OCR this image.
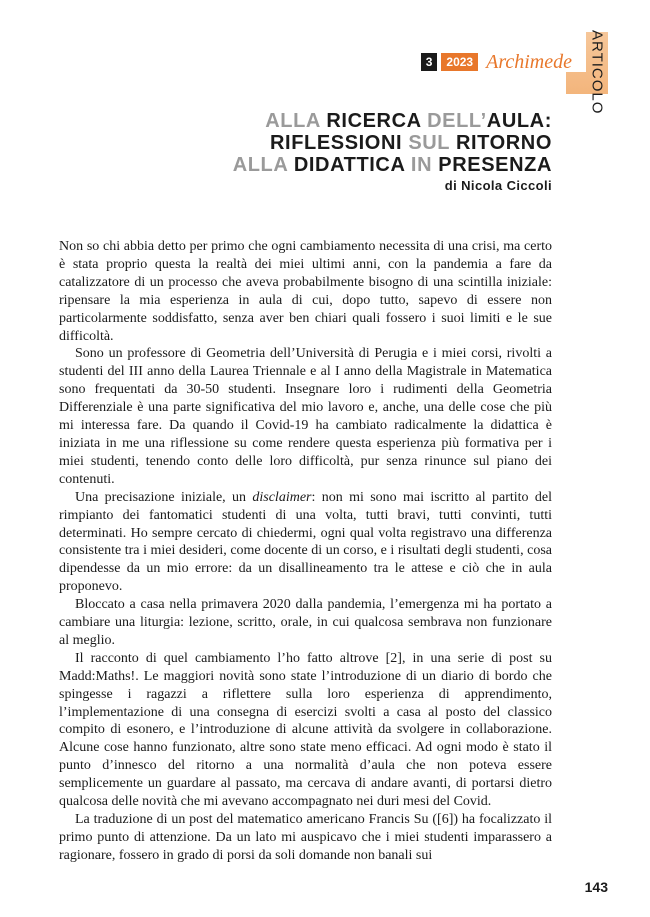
ARTICOLO
3	2023 Archimede
ALLA RICERCA DELL’AULA:
RIFLESSIONI SUL RITORNO
ALLA DIDATTICA IN PRESENZA
di Nicola Ciccoli

Non so chi abbia detto per primo che ogni cambiamento necessita di una crisi, ma certo è stata proprio questa la realtà dei miei ultimi anni, con la pandemia a fare da catalizzatore di un processo che aveva probabilmente bisogno di una scintilla iniziale: ripensare la mia esperienza in aula di cui, dopo tutto, sapevo di essere non particolarmente soddisfatto, senza aver ben chiari quali fossero i suoi limiti e le sue difficoltà.

Sono un professore di Geometria dell’Università di Perugia e i miei corsi, rivolti a studenti del III anno della Laurea Triennale e al I anno della Magistrale in Matematica sono frequentati da 30-50 studenti. Insegnare loro i rudimenti della Geometria Differenziale è una parte significativa del mio lavoro e, anche, una delle cose che più mi interessa fare. Da quando il Covid-19 ha cambiato radicalmente la didattica è iniziata in me una riflessione su come rendere questa esperienza più formativa per i miei studenti, tenendo conto delle loro difficoltà, pur senza rinunce sul piano dei contenuti.

Una precisazione iniziale, un disclaimer: non mi sono mai iscritto al partito del rimpianto dei fantomatici studenti di una volta, tutti bravi, tutti convinti, tutti determinati. Ho sempre cercato di chiedermi, ogni qual volta registravo una differenza consistente tra i miei desideri, come docente di un corso, e i risultati degli studenti, cosa dipendesse da un mio errore: da un disallineamento tra le attese e ciò che in aula proponevo.

Bloccato a casa nella primavera 2020 dalla pandemia, l’emergenza mi ha portato a cambiare una liturgia: lezione, scritto, orale, in cui qualcosa sembrava non funzionare al meglio.

Il racconto di quel cambiamento l’ho fatto altrove [2], in una serie di post su Madd:Maths!. Le maggiori novità sono state l’introduzione di un diario di bordo che spingesse i ragazzi a riflettere sulla loro esperienza di apprendimento, l’implementazione di una consegna di esercizi svolti a casa al posto del classico compito di esonero, e l’introduzione di alcune attività da svolgere in collaborazione. Alcune cose hanno funzionato, altre sono state meno efficaci. Ad ogni modo è stato il punto d’innesco del ritorno a una normalità d’aula che non poteva essere semplicemente un guardare al passato, ma cercava di andare avanti, di portarsi dietro qualcosa delle novità che mi avevano accompagnato nei duri mesi del Covid.

La traduzione di un post del matematico americano Francis Su ([6]) ha focalizzato il primo punto di attenzione. Da un lato mi auspicavo che i miei studenti imparassero a ragionare, fossero in grado di porsi da soli domande non banali sui

143
